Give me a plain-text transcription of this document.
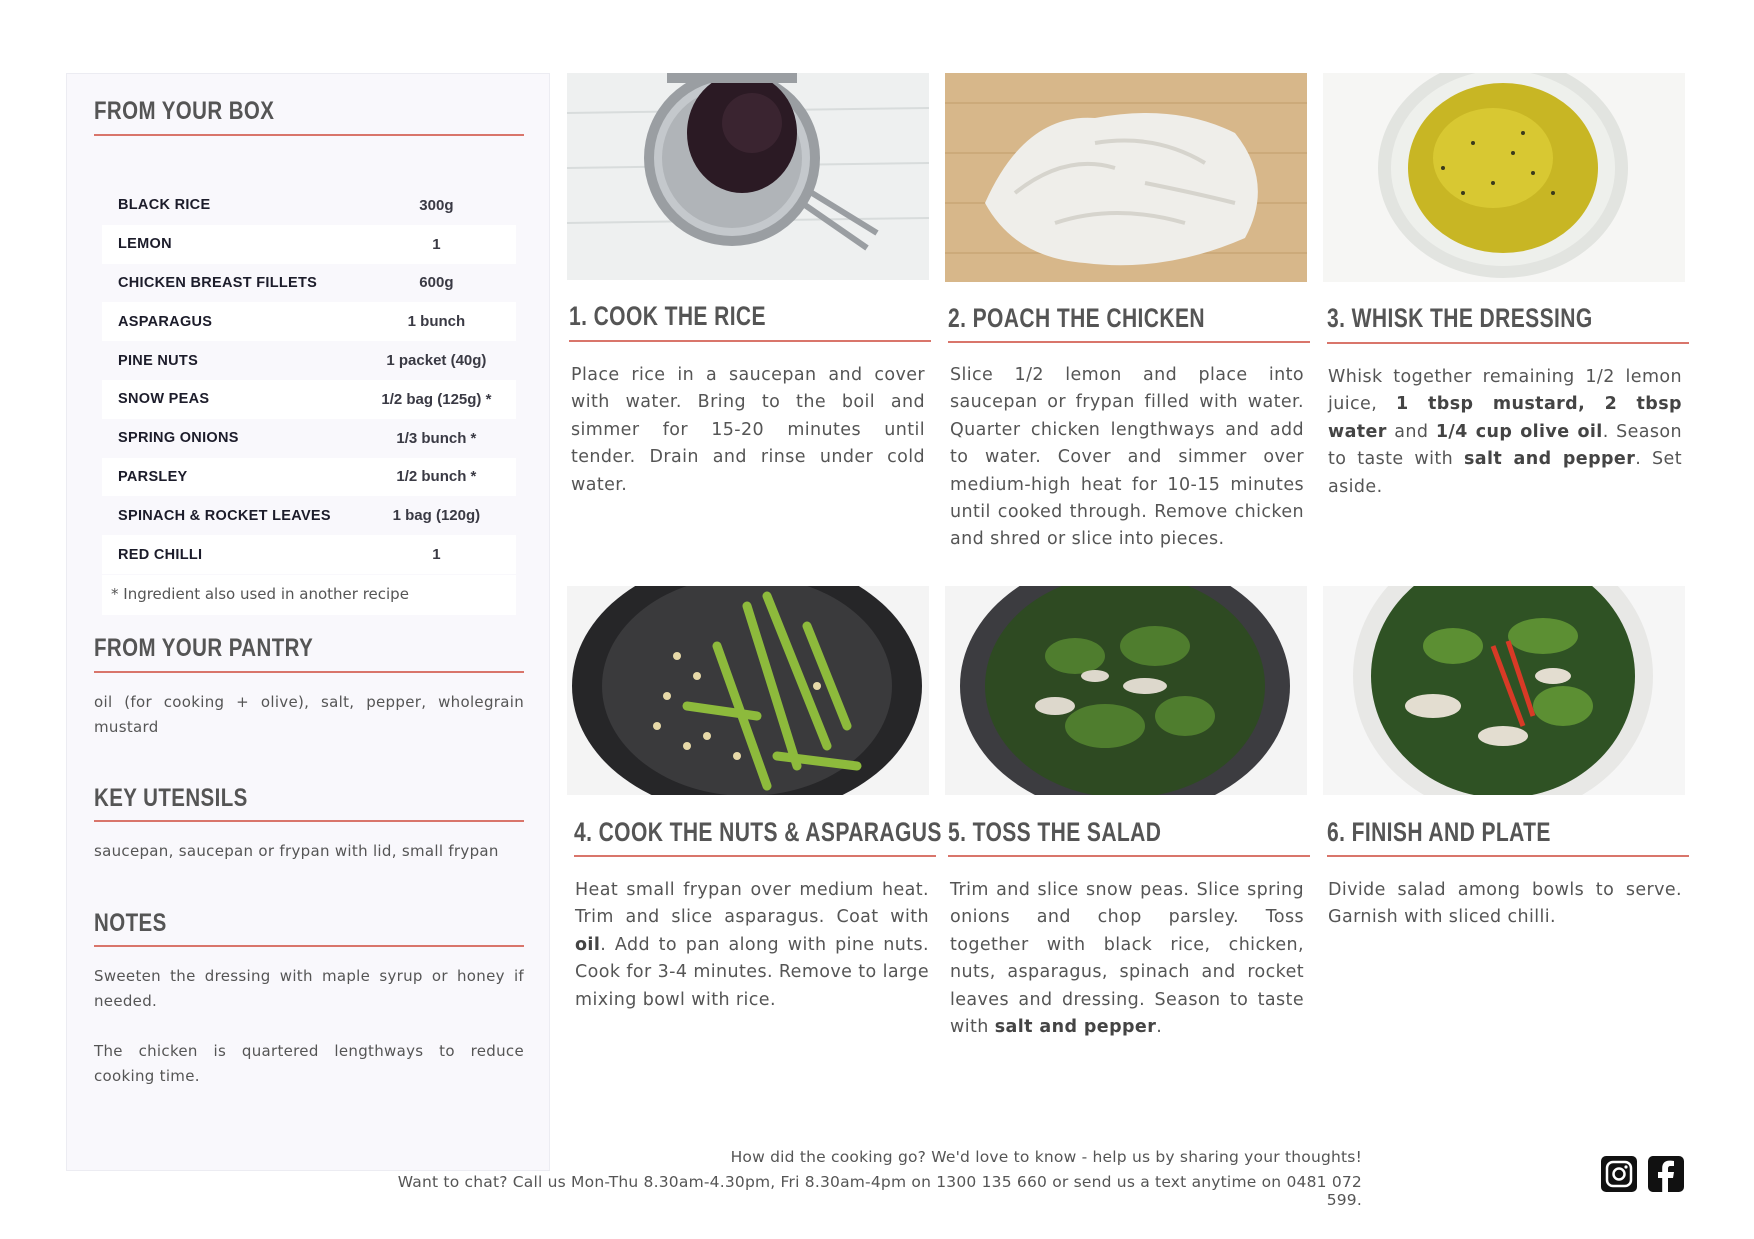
FROM YOUR BOX
BLACK RICE	300g
LEMON	1
CHICKEN BREAST FILLETS	600g
ASPARAGUS	1 bunch
PINE NUTS	1 packet (40g)
SNOW PEAS	1/2 bag (125g) *
SPRING ONIONS	1/3 bunch *
PARSLEY	1/2 bunch *
SPINACH & ROCKET LEAVES	1 bag (120g)
RED CHILLI	1
* Ingredient also used in another recipe
FROM YOUR PANTRY
oil (for cooking + olive), salt, pepper, wholegrain mustard
KEY UTENSILS
saucepan, saucepan or frypan with lid, small frypan
NOTES
Sweeten the dressing with maple syrup or honey if needed.
The chicken is quartered lengthways to reduce cooking time.
1. COOK THE RICE
Place rice in a saucepan and cover with water. Bring to the boil and simmer for 15-20 minutes until tender. Drain and rinse under cold water.
2. POACH THE CHICKEN
Slice 1/2 lemon and place into saucepan or frypan filled with water. Quarter chicken lengthways and add to water. Cover and simmer over medium-high heat for 10-15 minutes until cooked through. Remove chicken and shred or slice into pieces.
3. WHISK THE DRESSING
Whisk together remaining 1/2 lemon juice, 1 tbsp mustard, 2 tbsp water and 1/4 cup olive oil. Season to taste with salt and pepper. Set aside.
4. COOK THE NUTS & ASPARAGUS
Heat small frypan over medium heat. Trim and slice asparagus. Coat with oil. Add to pan along with pine nuts. Cook for 3-4 minutes. Remove to large mixing bowl with rice.
5. TOSS THE SALAD
Trim and slice snow peas. Slice spring onions and chop parsley. Toss together with black rice, chicken, nuts, asparagus, spinach and rocket leaves and dressing. Season to taste with salt and pepper.
6. FINISH AND PLATE
Divide salad among bowls to serve. Garnish with sliced chilli.
How did the cooking go? We'd love to know - help us by sharing your thoughts!
Want to chat? Call us Mon-Thu 8.30am-4.30pm, Fri 8.30am-4pm on 1300 135 660 or send us a text anytime on 0481 072 599.
